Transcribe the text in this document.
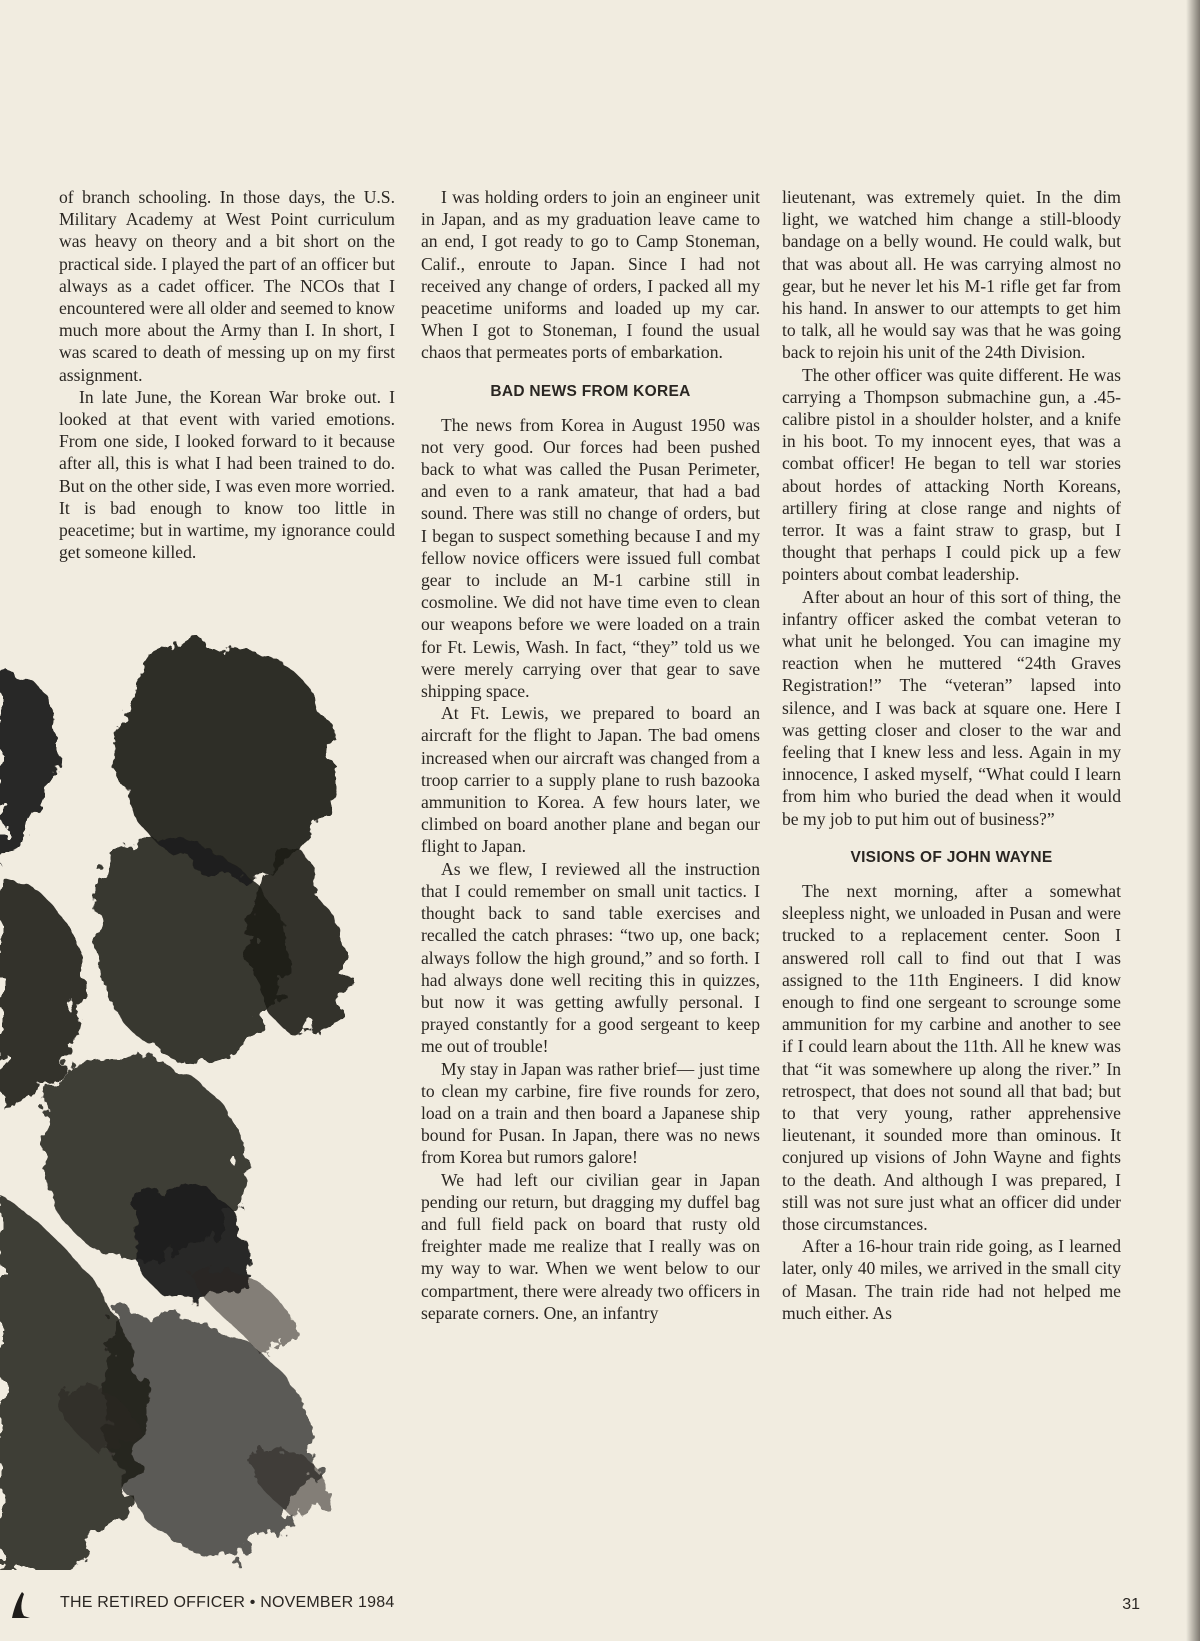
of branch schooling. In those days, the U.S. Military Academy at West Point curriculum was heavy on theory and a bit short on the practical side. I played the part of an officer but always as a cadet officer. The NCOs that I encountered were all older and seemed to know much more about the Army than I. In short, I was scared to death of messing up on my first assignment.

In late June, the Korean War broke out. I looked at that event with varied emotions. From one side, I looked forward to it because after all, this is what I had been trained to do. But on the other side, I was even more worried. It is bad enough to know too little in peacetime; but in wartime, my ignorance could get someone killed.

I was holding orders to join an engineer unit in Japan, and as my graduation leave came to an end, I got ready to go to Camp Stoneman, Calif., enroute to Japan. Since I had not received any change of orders, I packed all my peacetime uniforms and loaded up my car. When I got to Stoneman, I found the usual chaos that permeates ports of embarkation.

BAD NEWS FROM KOREA

The news from Korea in August 1950 was not very good. Our forces had been pushed back to what was called the Pusan Perimeter, and even to a rank amateur, that had a bad sound. There was still no change of orders, but I began to suspect something because I and my fellow novice officers were issued full combat gear to include an M-1 carbine still in cosmoline. We did not have time even to clean our weapons before we were loaded on a train for Ft. Lewis, Wash. In fact, “they” told us we were merely carrying over that gear to save shipping space.

At Ft. Lewis, we prepared to board an aircraft for the flight to Japan. The bad omens increased when our aircraft was changed from a troop carrier to a supply plane to rush bazooka ammunition to Korea. A few hours later, we climbed on board another plane and began our flight to Japan.

As we flew, I reviewed all the instruction that I could remember on small unit tactics. I thought back to sand table exercises and recalled the catch phrases: “two up, one back; always follow the high ground,” and so forth. I had always done well reciting this in quizzes, but now it was getting awfully personal. I prayed constantly for a good sergeant to keep me out of trouble!

My stay in Japan was rather brief— just time to clean my carbine, fire five rounds for zero, load on a train and then board a Japanese ship bound for Pusan. In Japan, there was no news from Korea but rumors galore!

We had left our civilian gear in Japan pending our return, but dragging my duffel bag and full field pack on board that rusty old freighter made me realize that I really was on my way to war. When we went below to our compartment, there were already two officers in separate corners. One, an infantry

lieutenant, was extremely quiet. In the dim light, we watched him change a still-bloody bandage on a belly wound. He could walk, but that was about all. He was carrying almost no gear, but he never let his M-1 rifle get far from his hand. In answer to our attempts to get him to talk, all he would say was that he was going back to rejoin his unit of the 24th Division.

The other officer was quite different. He was carrying a Thompson submachine gun, a .45-calibre pistol in a shoulder holster, and a knife in his boot. To my innocent eyes, that was a combat officer! He began to tell war stories about hordes of attacking North Koreans, artillery firing at close range and nights of terror. It was a faint straw to grasp, but I thought that perhaps I could pick up a few pointers about combat leadership.

After about an hour of this sort of thing, the infantry officer asked the combat veteran to what unit he belonged. You can imagine my reaction when he muttered “24th Graves Registration!” The “veteran” lapsed into silence, and I was back at square one. Here I was getting closer and closer to the war and feeling that I knew less and less. Again in my innocence, I asked myself, “What could I learn from him who buried the dead when it would be my job to put him out of business?”

VISIONS OF JOHN WAYNE

The next morning, after a somewhat sleepless night, we unloaded in Pusan and were trucked to a replacement center. Soon I answered roll call to find out that I was assigned to the 11th Engineers. I did know enough to find one sergeant to scrounge some ammunition for my carbine and another to see if I could learn about the 11th. All he knew was that “it was somewhere up along the river.” In retrospect, that does not sound all that bad; but to that very young, rather apprehensive lieutenant, it sounded more than ominous. It conjured up visions of John Wayne and fights to the death. And although I was prepared, I still was not sure just what an officer did under those circumstances.

After a 16-hour train ride going, as I learned later, only 40 miles, we arrived in the small city of Masan. The train ride had not helped me much either. As

THE RETIRED OFFICER • NOVEMBER 1984	31
